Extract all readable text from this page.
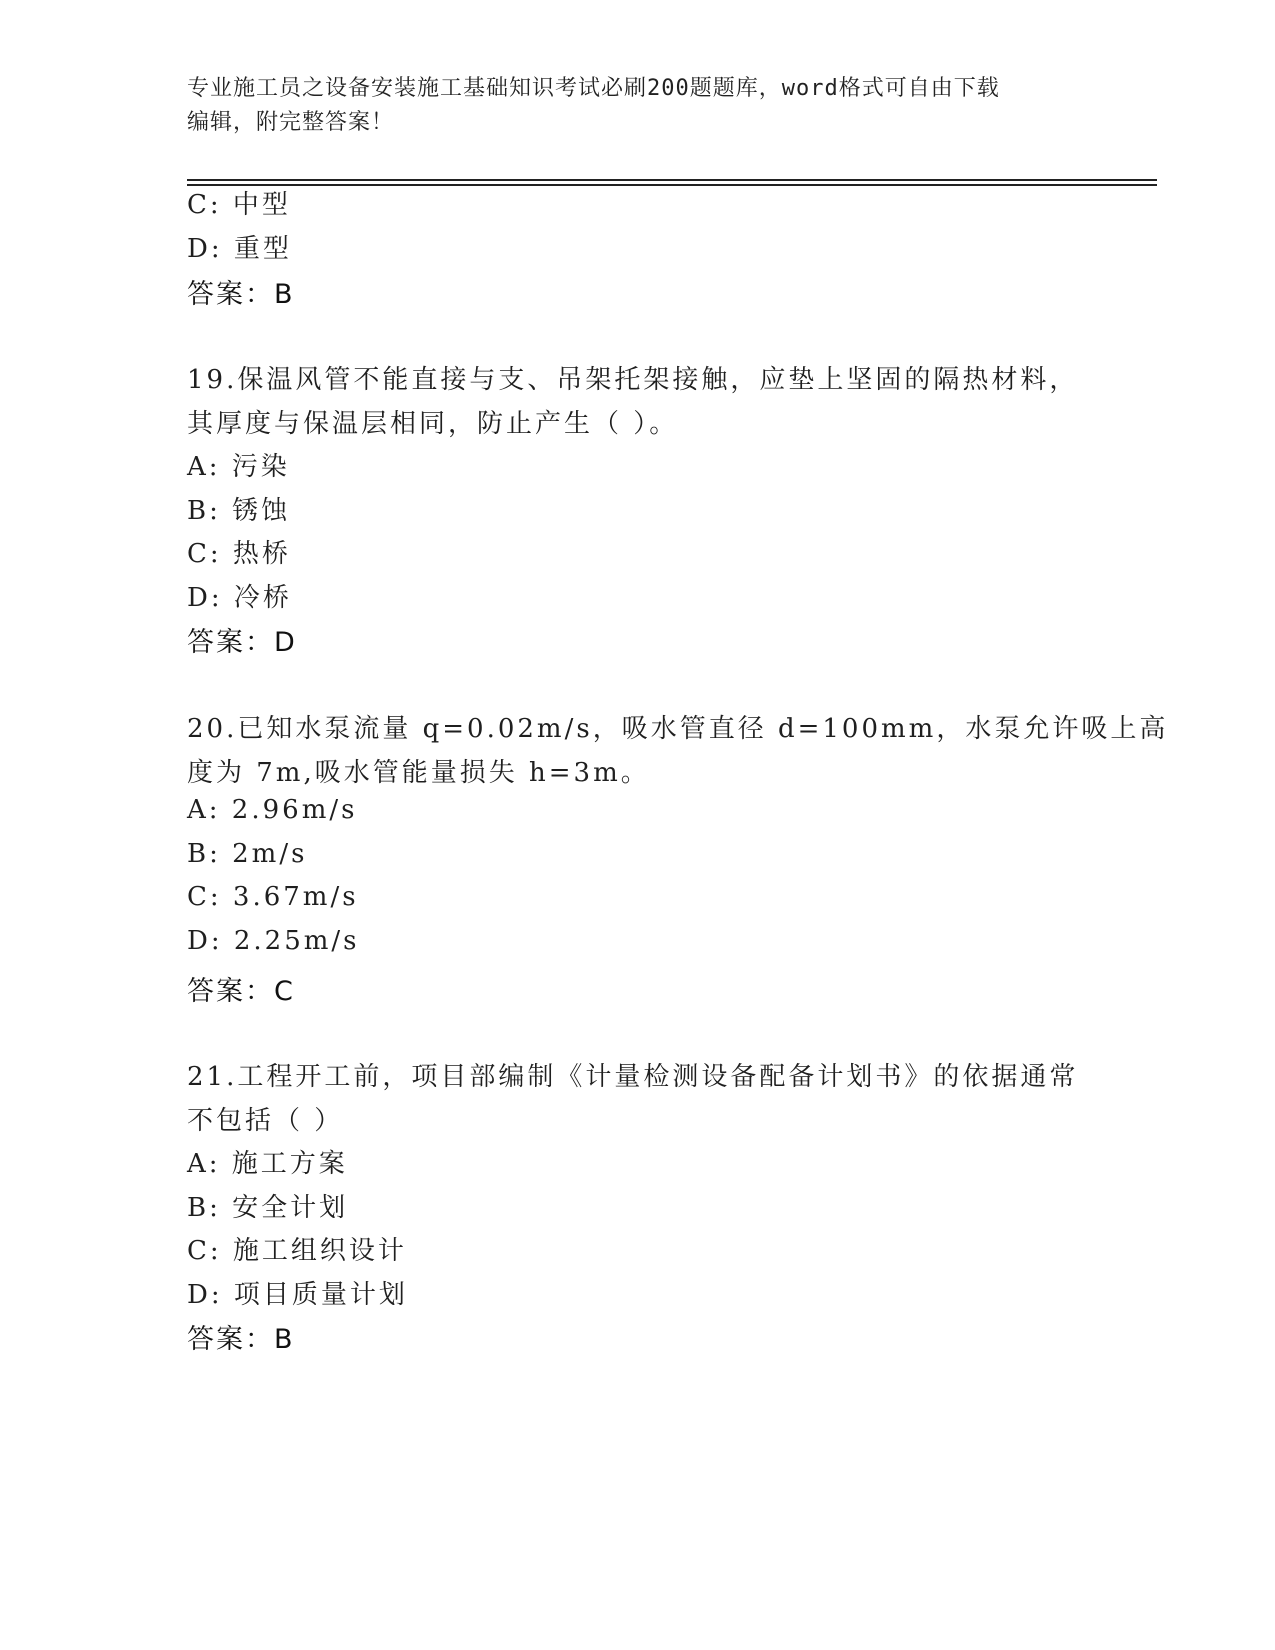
专业施工员之设备安装施工基础知识考试必刷200题题库，word格式可自由下载
编辑，附完整答案！
C: 中型
D: 重型
答案：B
19.保温风管不能直接与支、吊架托架接触，应垫上坚固的隔热材料，
其厚度与保温层相同，防止产生（ ）。
A: 污染
B: 锈蚀
C: 热桥
D: 冷桥
答案：D
20.已知水泵流量 q=0.02m/s，吸水管直径 d=100mm，水泵允许吸上高
度为 7m,吸水管能量损失 h=3m。
A: 2.96m/s
B: 2m/s
C: 3.67m/s
D: 2.25m/s
答案：C
21.工程开工前，项目部编制《计量检测设备配备计划书》的依据通常
不包括（ ）
A: 施工方案
B: 安全计划
C: 施工组织设计
D: 项目质量计划
答案：B
